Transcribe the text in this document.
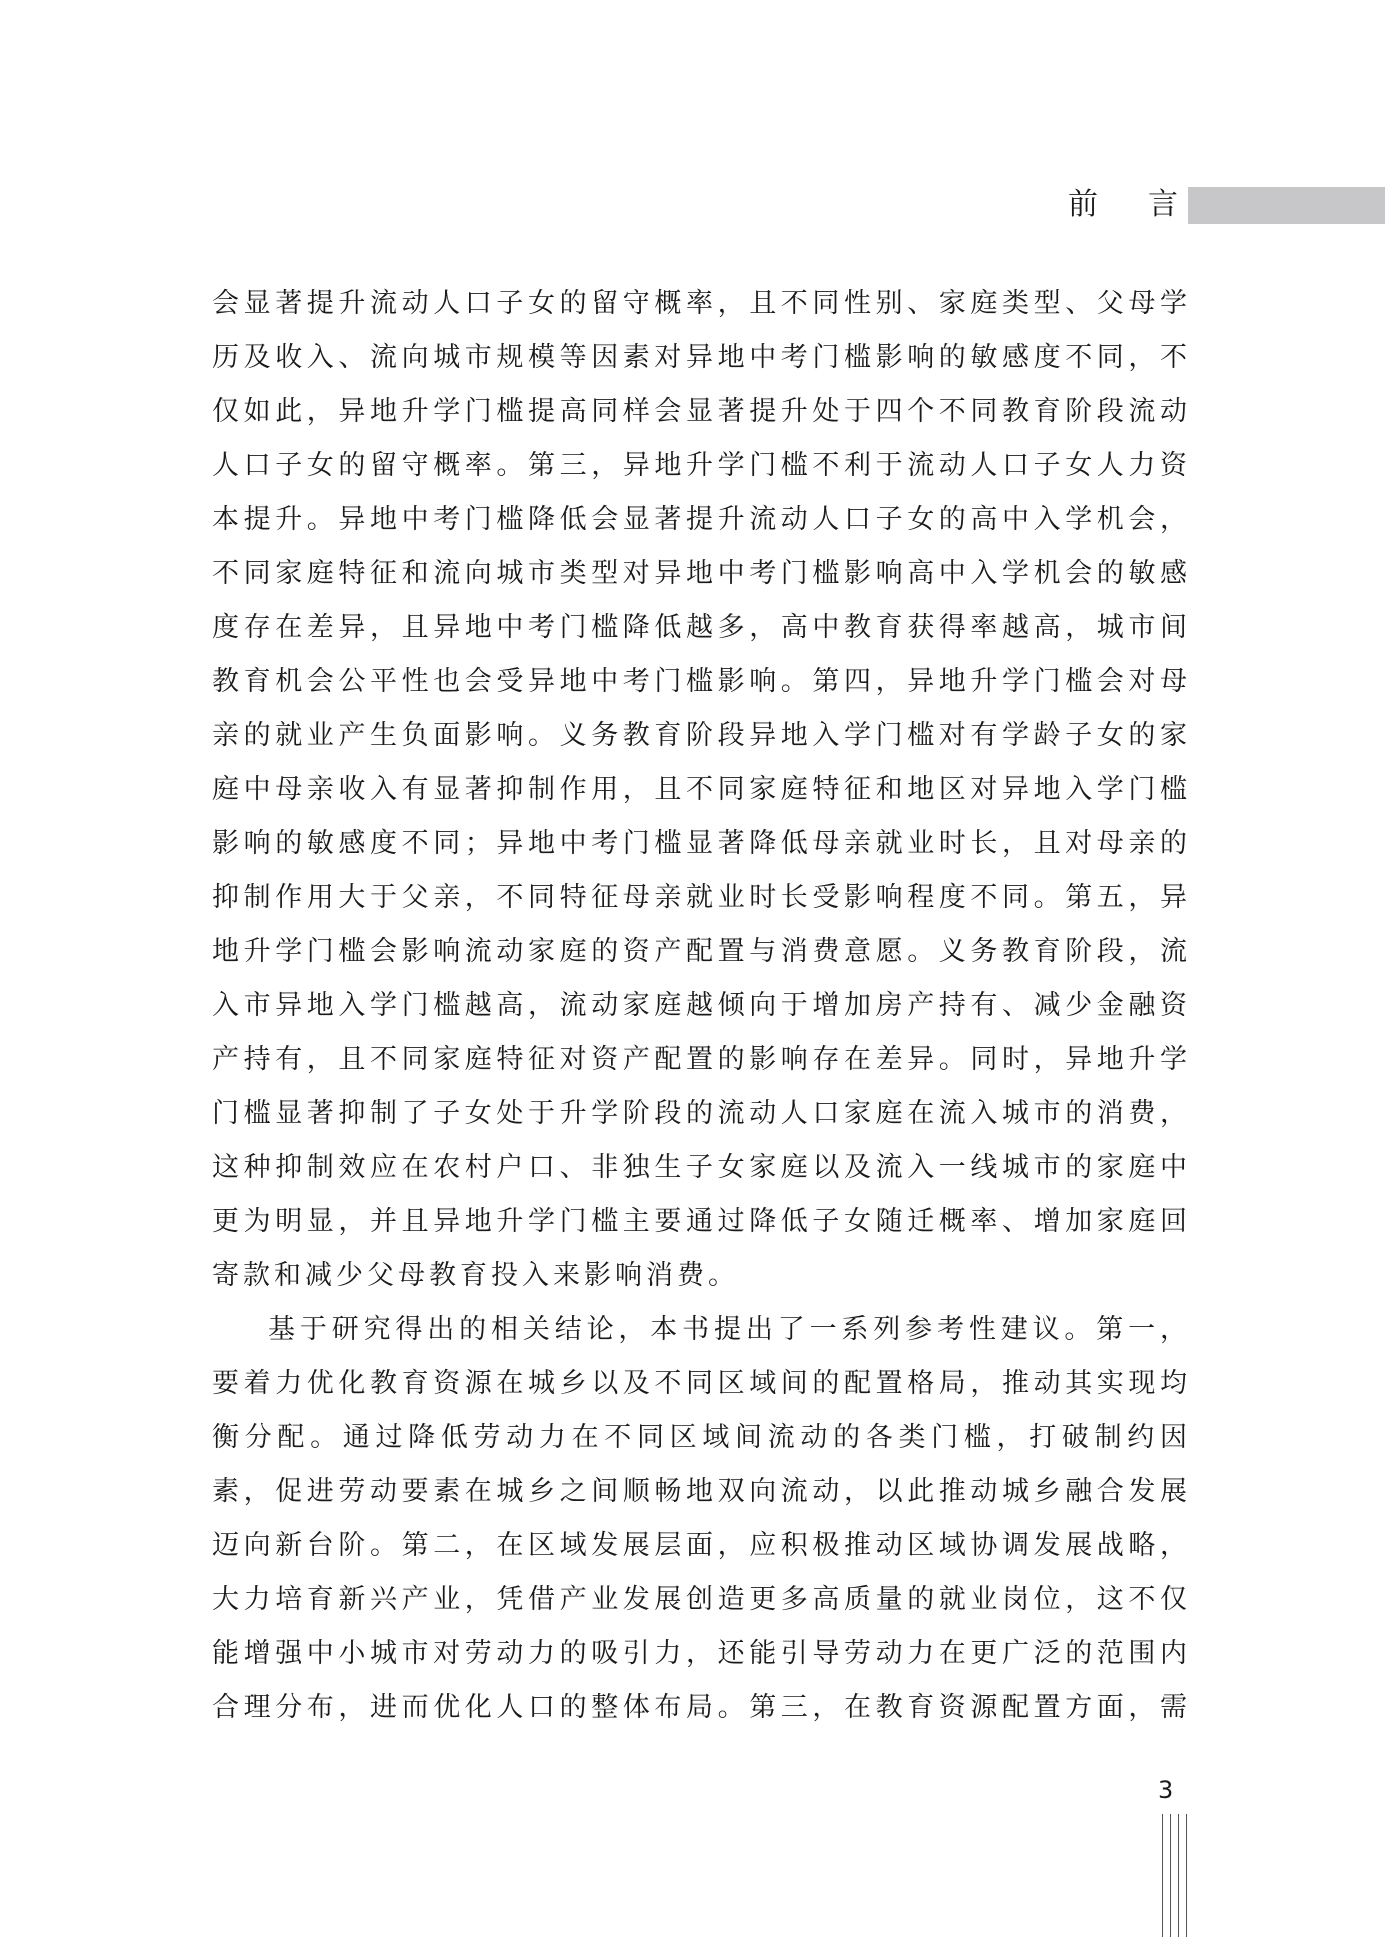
前 言
会显著提升流动人口子女的留守概率，且不同性别、家庭类型、父母学
历及收入、流向城市规模等因素对异地中考门槛影响的敏感度不同，不
仅如此，异地升学门槛提高同样会显著提升处于四个不同教育阶段流动
人口子女的留守概率。第三，异地升学门槛不利于流动人口子女人力资
本提升。异地中考门槛降低会显著提升流动人口子女的高中入学机会，
不同家庭特征和流向城市类型对异地中考门槛影响高中入学机会的敏感
度存在差异，且异地中考门槛降低越多，高中教育获得率越高，城市间
教育机会公平性也会受异地中考门槛影响。第四，异地升学门槛会对母
亲的就业产生负面影响。义务教育阶段异地入学门槛对有学龄子女的家
庭中母亲收入有显著抑制作用，且不同家庭特征和地区对异地入学门槛
影响的敏感度不同；异地中考门槛显著降低母亲就业时长，且对母亲的
抑制作用大于父亲，不同特征母亲就业时长受影响程度不同。第五，异
地升学门槛会影响流动家庭的资产配置与消费意愿。义务教育阶段，流
入市异地入学门槛越高，流动家庭越倾向于增加房产持有、减少金融资
产持有，且不同家庭特征对资产配置的影响存在差异。同时，异地升学
门槛显著抑制了子女处于升学阶段的流动人口家庭在流入城市的消费，
这种抑制效应在农村户口、非独生子女家庭以及流入一线城市的家庭中
更为明显，并且异地升学门槛主要通过降低子女随迁概率、增加家庭回
寄款和减少父母教育投入来影响消费。
基于研究得出的相关结论，本书提出了一系列参考性建议。第一，
要着力优化教育资源在城乡以及不同区域间的配置格局，推动其实现均
衡分配。通过降低劳动力在不同区域间流动的各类门槛，打破制约因
素，促进劳动要素在城乡之间顺畅地双向流动，以此推动城乡融合发展
迈向新台阶。第二，在区域发展层面，应积极推动区域协调发展战略，
大力培育新兴产业，凭借产业发展创造更多高质量的就业岗位，这不仅
能增强中小城市对劳动力的吸引力，还能引导劳动力在更广泛的范围内
合理分布，进而优化人口的整体布局。第三，在教育资源配置方面，需
3
